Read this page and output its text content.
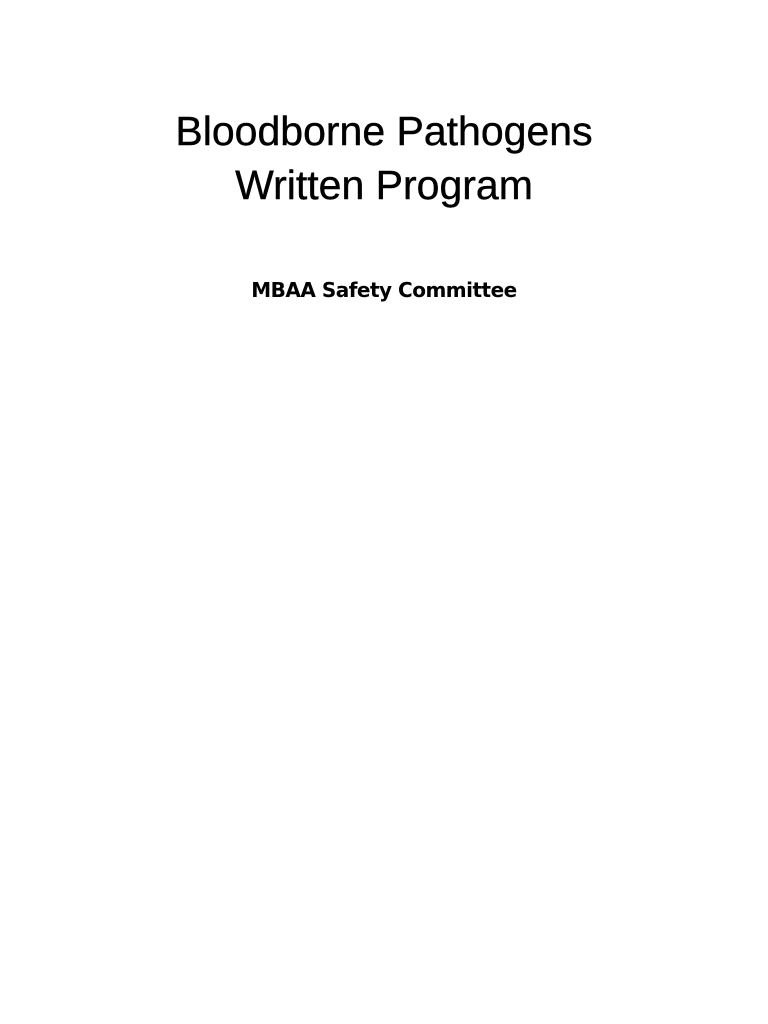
Bloodborne Pathogens
Written Program

MBAA Safety Committee
